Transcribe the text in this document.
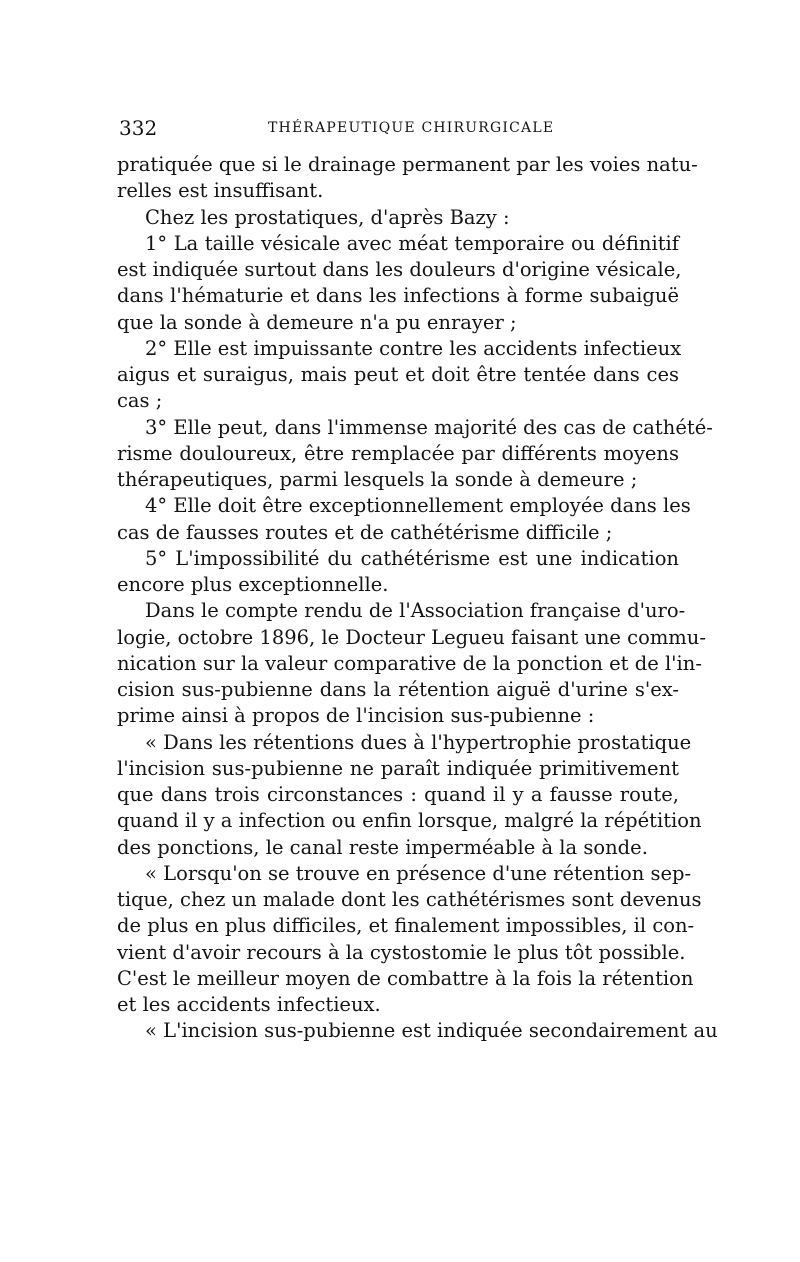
332	THÉRAPEUTIQUE CHIRURGICALE
pratiquée que si le drainage permanent par les voies natu-
relles est insuffisant.
Chez les prostatiques, d'après Bazy :
1° La taille vésicale avec méat temporaire ou définitif
est indiquée surtout dans les douleurs d'origine vésicale,
dans l'hématurie et dans les infections à forme subaiguë
que la sonde à demeure n'a pu enrayer ;
2° Elle est impuissante contre les accidents infectieux
aigus et suraigus, mais peut et doit être tentée dans ces
cas ;
3° Elle peut, dans l'immense majorité des cas de cathété-
risme douloureux, être remplacée par différents moyens
thérapeutiques, parmi lesquels la sonde à demeure ;
4° Elle doit être exceptionnellement employée dans les
cas de fausses routes et de cathétérisme difficile ;
5° L'impossibilité du cathétérisme est une indication
encore plus exceptionnelle.
Dans le compte rendu de l'Association française d'uro-
logie, octobre 1896, le Docteur Legueu faisant une commu-
nication sur la valeur comparative de la ponction et de l'in-
cision sus-pubienne dans la rétention aiguë d'urine s'ex-
prime ainsi à propos de l'incision sus-pubienne :
« Dans les rétentions dues à l'hypertrophie prostatique
l'incision sus-pubienne ne paraît indiquée primitivement
que dans trois circonstances : quand il y a fausse route,
quand il y a infection ou enfin lorsque, malgré la répétition
des ponctions, le canal reste imperméable à la sonde.
« Lorsqu'on se trouve en présence d'une rétention sep-
tique, chez un malade dont les cathétérismes sont devenus
de plus en plus difficiles, et finalement impossibles, il con-
vient d'avoir recours à la cystostomie le plus tôt possible.
C'est le meilleur moyen de combattre à la fois la rétention
et les accidents infectieux.
« L'incision sus-pubienne est indiquée secondairement au
